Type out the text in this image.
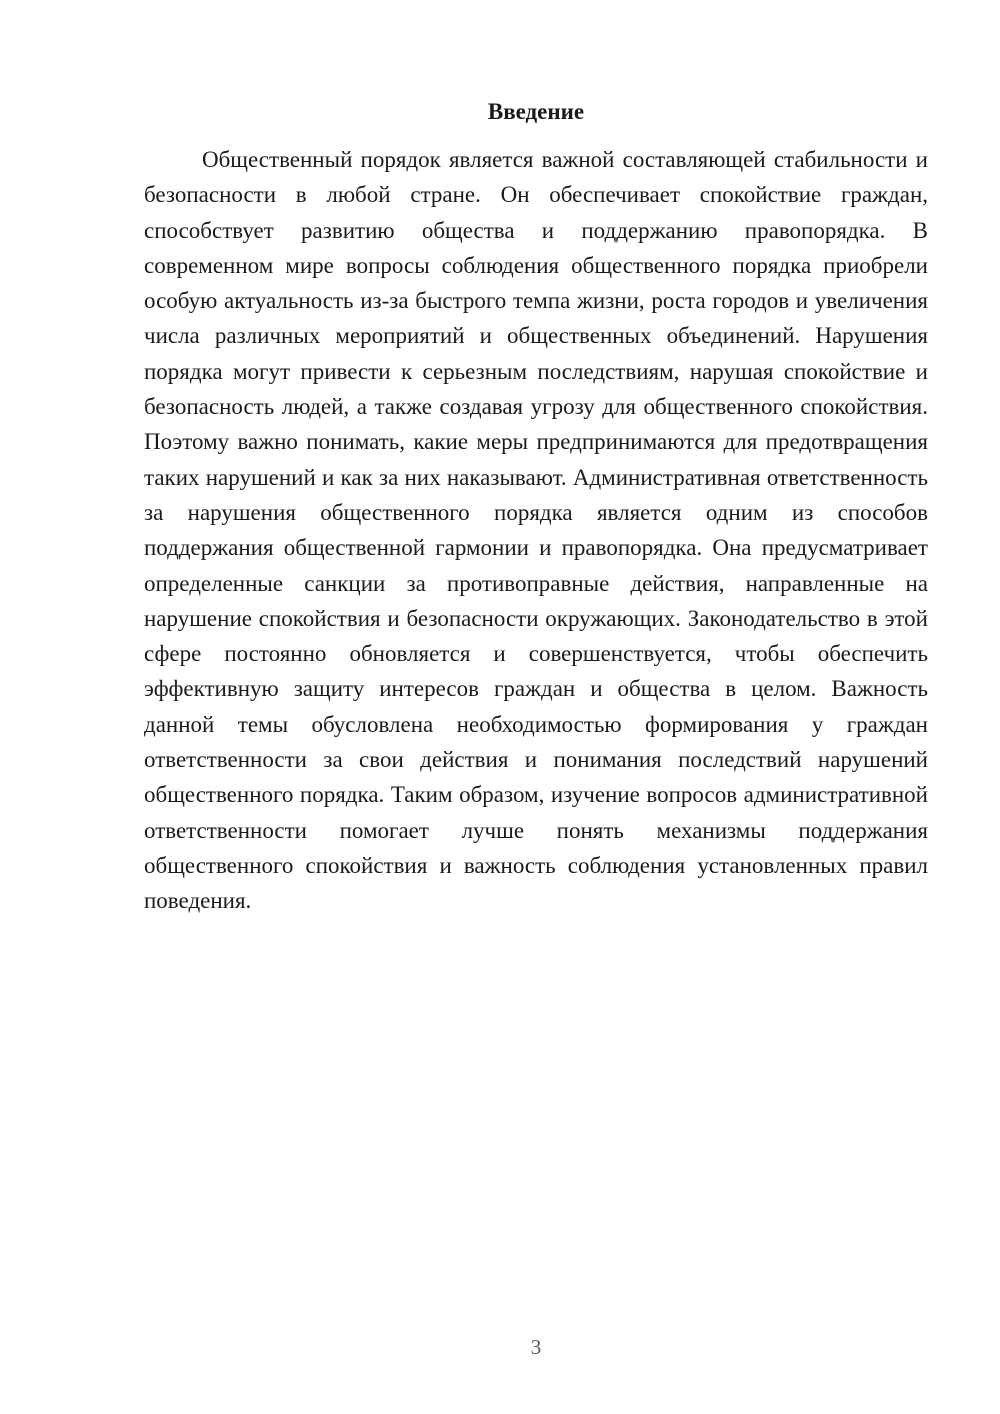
Введение

Общественный порядок является важной составляющей стабильности и безопасности в любой стране. Он обеспечивает спокойствие граждан, способствует развитию общества и поддержанию правопорядка. В современном мире вопросы соблюдения общественного порядка приобрели особую актуальность из-за быстрого темпа жизни, роста городов и увеличения числа различных мероприятий и общественных объединений. Нарушения порядка могут привести к серьезным последствиям, нарушая спокойствие и безопасность людей, а также создавая угрозу для общественного спокойствия. Поэтому важно понимать, какие меры предпринимаются для предотвращения таких нарушений и как за них наказывают. Административная ответственность за нарушения общественного порядка является одним из способов поддержания общественной гармонии и правопорядка. Она предусматривает определенные санкции за противоправные действия, направленные на нарушение спокойствия и безопасности окружающих. Законодательство в этой сфере постоянно обновляется и совершенствуется, чтобы обеспечить эффективную защиту интересов граждан и общества в целом. Важность данной темы обусловлена необходимостью формирования у граждан ответственности за свои действия и понимания последствий нарушений общественного порядка. Таким образом, изучение вопросов административной ответственности помогает лучше понять механизмы поддержания общественного спокойствия и важность соблюдения установленных правил поведения.

3
